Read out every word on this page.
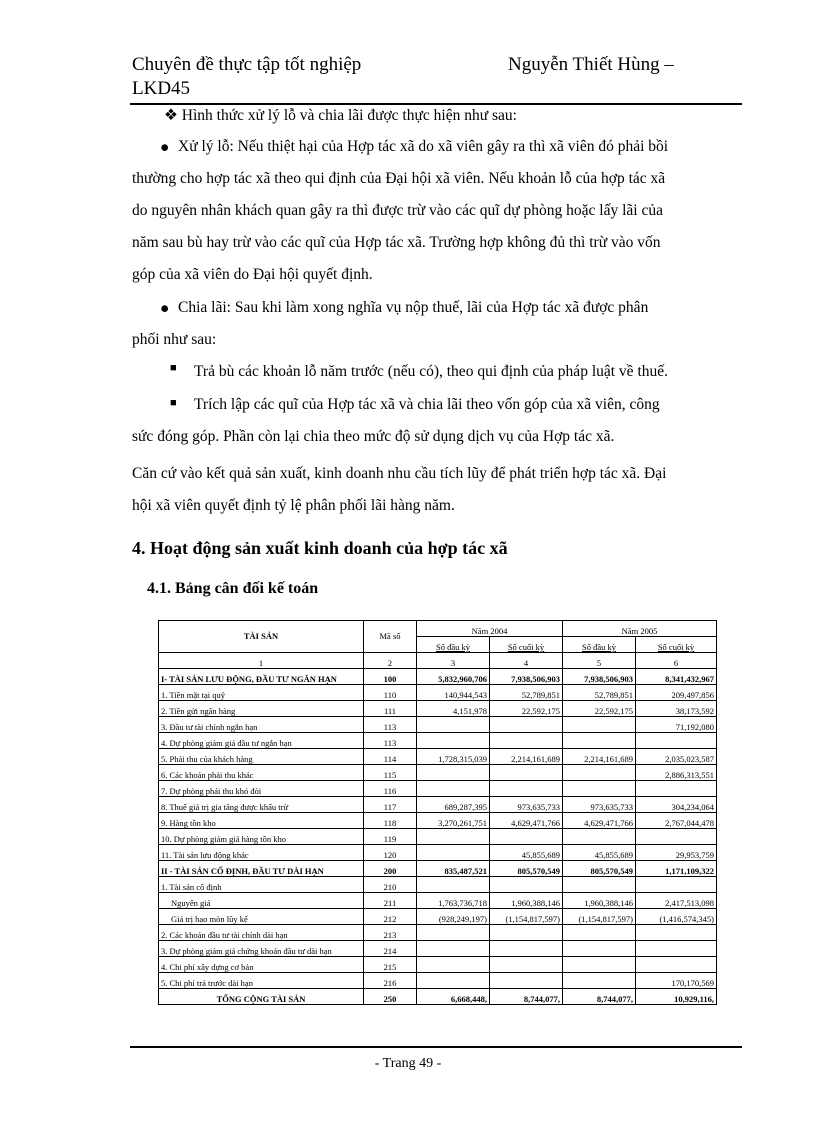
Chuyên đề thực tập tốt nghiệp	Nguyễn Thiết Hùng –
LKD45
❖ Hình thức xử lý lỗ và chia lãi được thực hiện như sau:
● Xử lý lỗ: Nếu thiệt hại của Hợp tác xã do xã viên gây ra thì xã viên đó phải bồi
thường cho hợp tác xã theo qui định của Đại hội xã viên. Nếu khoản lỗ của hợp tác xã
do nguyên nhân khách quan gây ra thì được trừ vào các quĩ dự phòng hoặc lấy lãi của
năm sau bù hay trừ vào các quĩ của Hợp tác xã. Trường hợp không đủ thì trừ vào vốn
góp của xã viên do Đại hội quyết định.
● Chia lãi: Sau khi làm xong nghĩa vụ nộp thuế, lãi của Hợp tác xã được phân
phối như sau:
■ Trả bù các khoản lỗ năm trước (nếu có), theo qui định của pháp luật về thuế.
■	Trích lập các quĩ của Hợp tác xã và chia lãi theo vốn góp của xã viên, công
sức đóng góp. Phần còn lại chia theo mức độ sử dụng dịch vụ của Hợp tác xã.
Căn cứ vào kết quả sản xuất, kinh doanh nhu cầu tích lũy để phát triển hợp tác xã. Đại
hội xã viên quyết định tỷ lệ phân phối lãi hàng năm.
4. Hoạt động sản xuất kinh doanh của hợp tác xã
4.1. Bảng cân đối kế toán
TÀI SẢN	Mã số	Năm 2004		Năm 2005	
		Số đầu kỳ	Số cuối kỳ	Số đầu kỳ	Số cuối kỳ
1	2	3	4	5	6
I- TÀI SẢN LƯU ĐỘNG, ĐẦU TƯ NGẮN HẠN	100	5,832,960,706	7,938,506,903	7,938,506,903	8,341,432,967
1. Tiền mặt tại quỹ	110	140,944,543	52,789,851	52,789,851	209,497,856
2. Tiền gửi ngân hàng	111	4,151,978	22,592,175	22,592,175	38,173,592
3. Đầu tư tài chính ngắn hạn	113				71,192,080
4. Dự phòng giảm giá đầu tư ngắn hạn	113				
5. Phải thu của khách hàng	114	1,728,315,039	2,214,161,689	2,214,161,689	2,035,023,587
6. Các khoản phải thu khác	115				2,886,313,551
7. Dự phòng phải thu khó đòi	116				
8. Thuế giá trị gia tăng được khấu trừ	117	689,287,395	973,635,733	973,635,733	304,234,064
9. Hàng tồn kho	118	3,270,261,751	4,629,471,766	4,629,471,766	2,767,044,478
10. Dự phòng giảm giá hàng tồn kho	119				
11. Tài sản lưu động khác	120		45,855,689	45,855,689	29,953,759
II - TÀI SẢN CỐ ĐỊNH, ĐẦU TƯ DÀI HẠN	200	835,487,521	805,570,549	805,570,549	1,171,109,322
1. Tài sản cố định	210				
Nguyên giá	211	1,763,736,718	1,960,388,146	1,960,388,146	2,417,513,098
Giá trị hao mòn lũy kế	212	(928,249,197)	(1,154,817,597)	(1,154,817,597)	(1,416,574,345)
2. Các khoản đầu tư tài chính dài hạn	213				
3. Dự phòng giảm giá chứng khoán đầu tư dài hạn	214				
4. Chi phí xây dựng cơ bản	215				
5. Chi phí trả trước dài hạn	216				170,170,569
TỔNG CỘNG TÀI SẢN	250	6,668,448,	8,744,077,	8,744,077,	10,929,116,
- Trang 49 -
